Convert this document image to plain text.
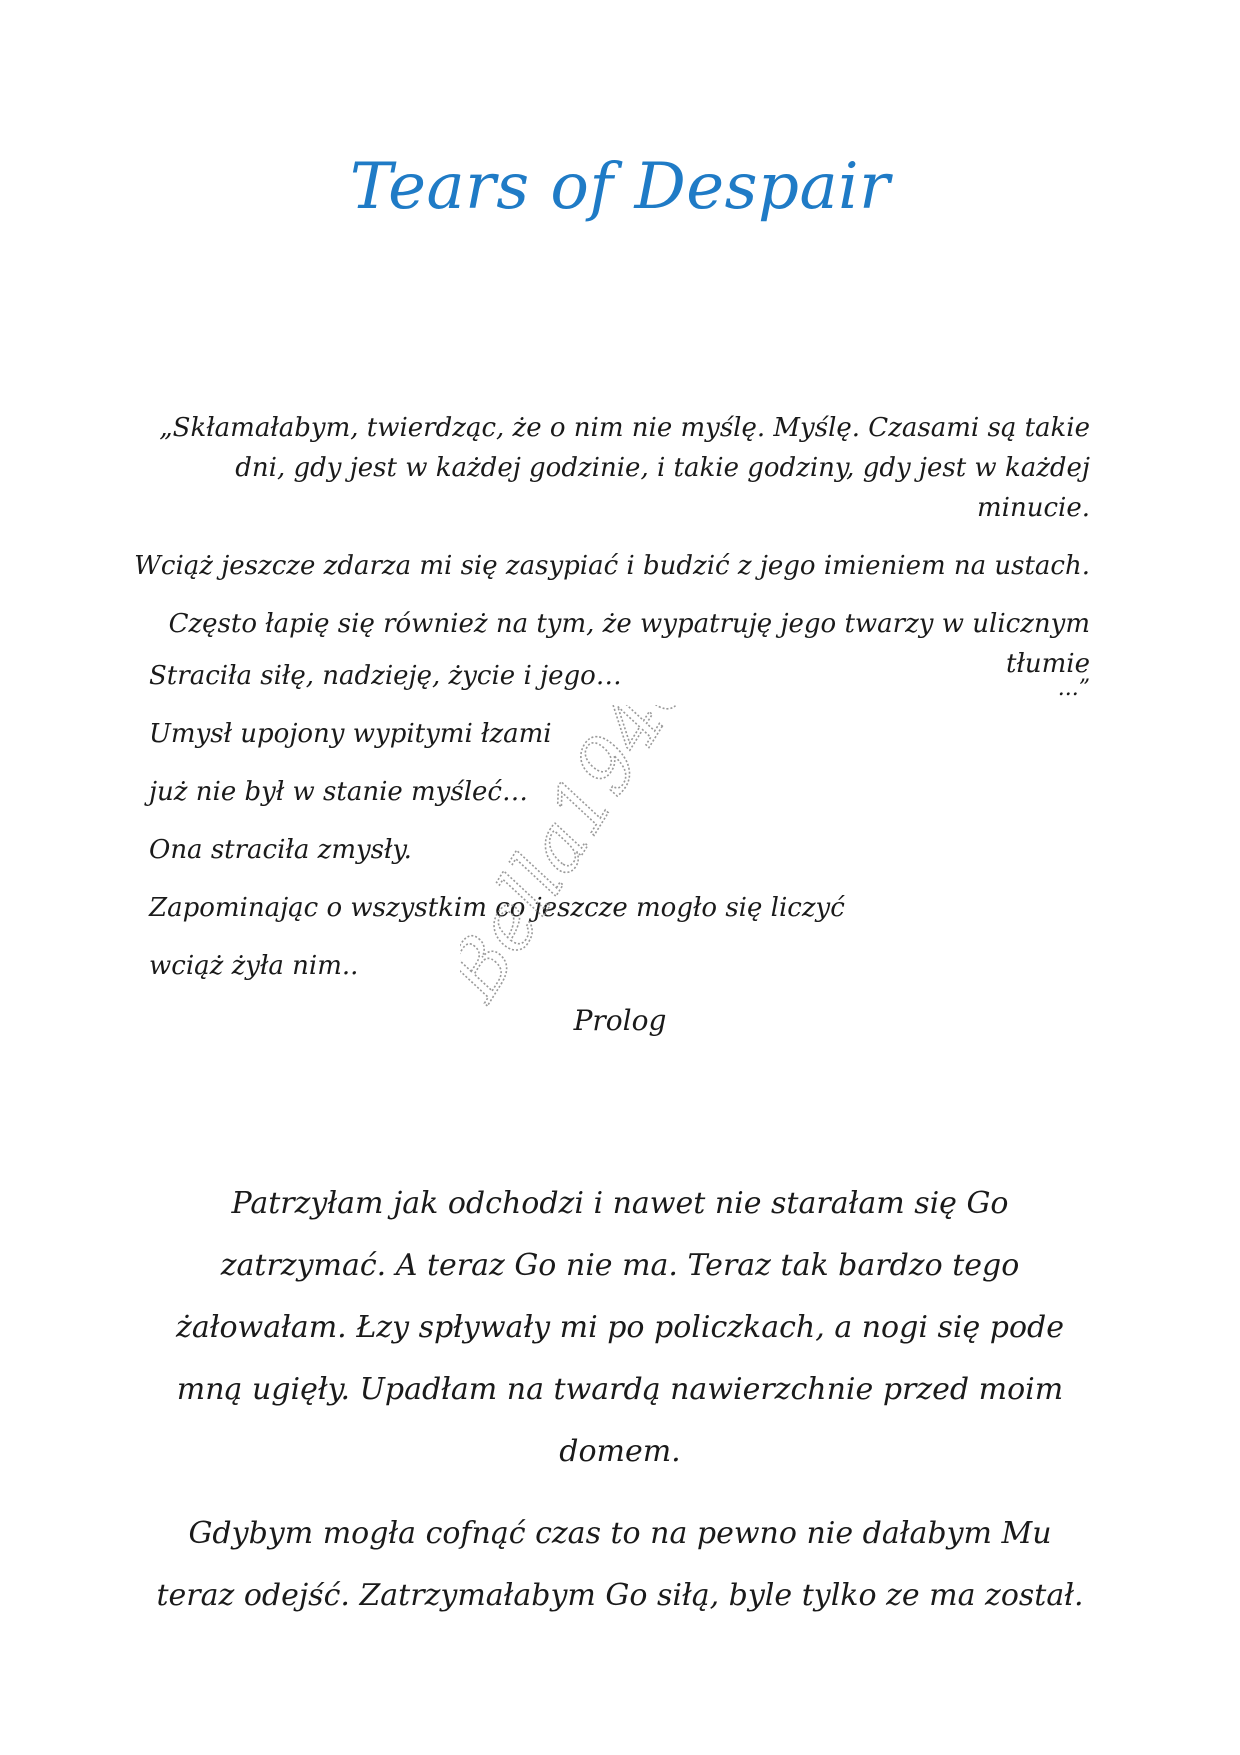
Tears of Despair

„Skłamałabym, twierdząc, że o nim nie myślę. Myślę. Czasami są takie dni, gdy jest w każdej godzinie, i takie godziny, gdy jest w każdej minucie.

Wciąż jeszcze zdarza mi się zasypiać i budzić z jego imieniem na ustach.

Często łapię się również na tym, że wypatruję jego twarzy w ulicznym tłumie
...”

Straciła siłę, nadzieję, życie i jego…
Umysł upojony wypitymi łzami
już nie był w stanie myśleć…
Ona straciła zmysły.
Zapominając o wszystkim co jeszcze mogło się liczyć
wciąż żyła nim..
Prolog

Patrzyłam jak odchodzi i nawet nie starałam się Go zatrzymać. A teraz Go nie ma. Teraz tak bardzo tego żałowałam. Łzy spływały mi po policzkach, a nogi się pode mną ugięły. Upadłam na twardą nawierzchnie przed moim domem.

Gdybym mogła cofnąć czas to na pewno nie dałabym Mu teraz odejść. Zatrzymałabym Go siłą, byle tylko ze ma został.

Bella1946
